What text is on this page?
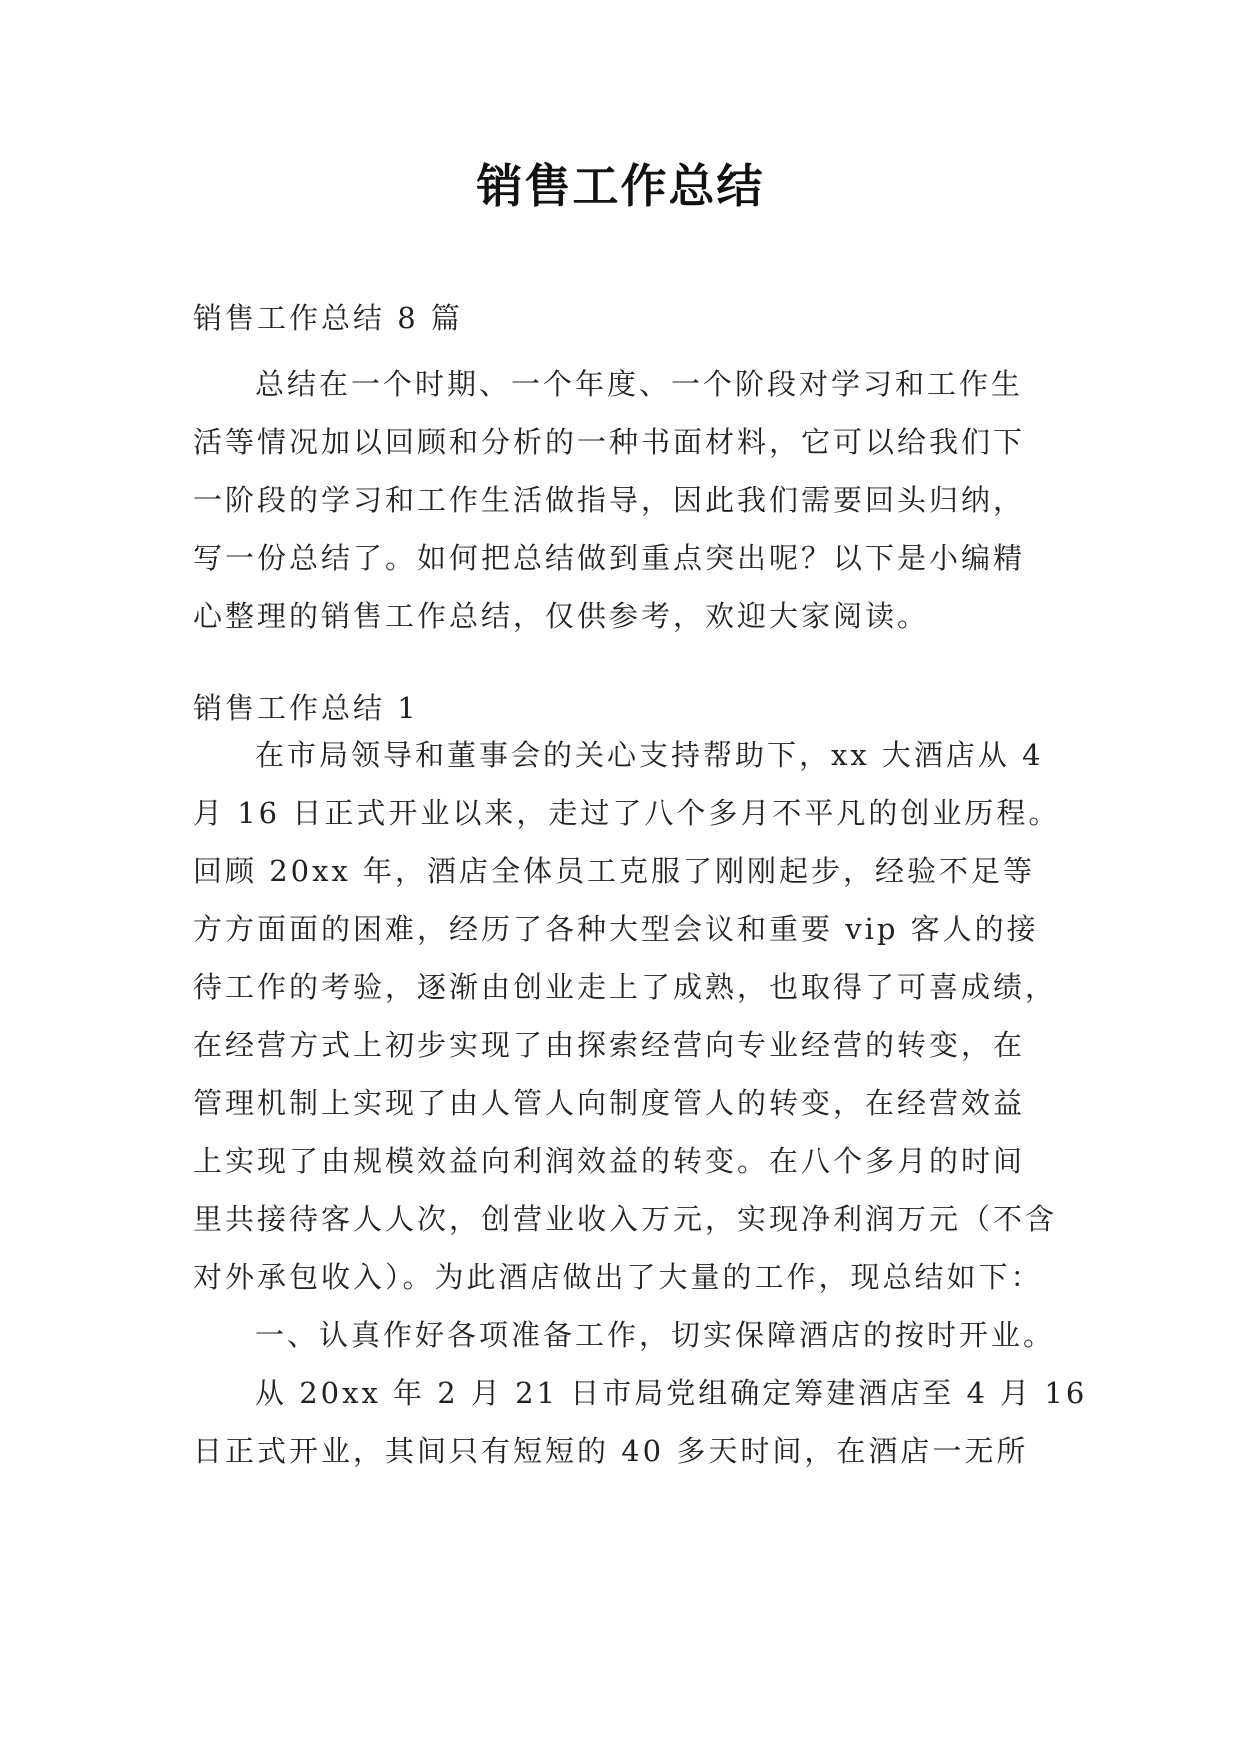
销售工作总结
销售工作总结 8 篇
总结在一个时期、一个年度、一个阶段对学习和工作生
活等情况加以回顾和分析的一种书面材料，它可以给我们下
一阶段的学习和工作生活做指导，因此我们需要回头归纳，
写一份总结了。如何把总结做到重点突出呢？以下是小编精
心整理的销售工作总结，仅供参考，欢迎大家阅读。
销售工作总结 1
在市局领导和董事会的关心支持帮助下，xx 大酒店从 4
月 16 日正式开业以来，走过了八个多月不平凡的创业历程。
回顾 20xx 年，酒店全体员工克服了刚刚起步，经验不足等
方方面面的困难，经历了各种大型会议和重要 vip 客人的接
待工作的考验，逐渐由创业走上了成熟，也取得了可喜成绩，
在经营方式上初步实现了由探索经营向专业经营的转变，在
管理机制上实现了由人管人向制度管人的转变，在经营效益
上实现了由规模效益向利润效益的转变。在八个多月的时间
里共接待客人人次，创营业收入万元，实现净利润万元（不含
对外承包收入）。为此酒店做出了大量的工作，现总结如下：
一、认真作好各项准备工作，切实保障酒店的按时开业。
从 20xx 年 2 月 21 日市局党组确定筹建酒店至 4 月 16
日正式开业，其间只有短短的 40 多天时间，在酒店一无所
